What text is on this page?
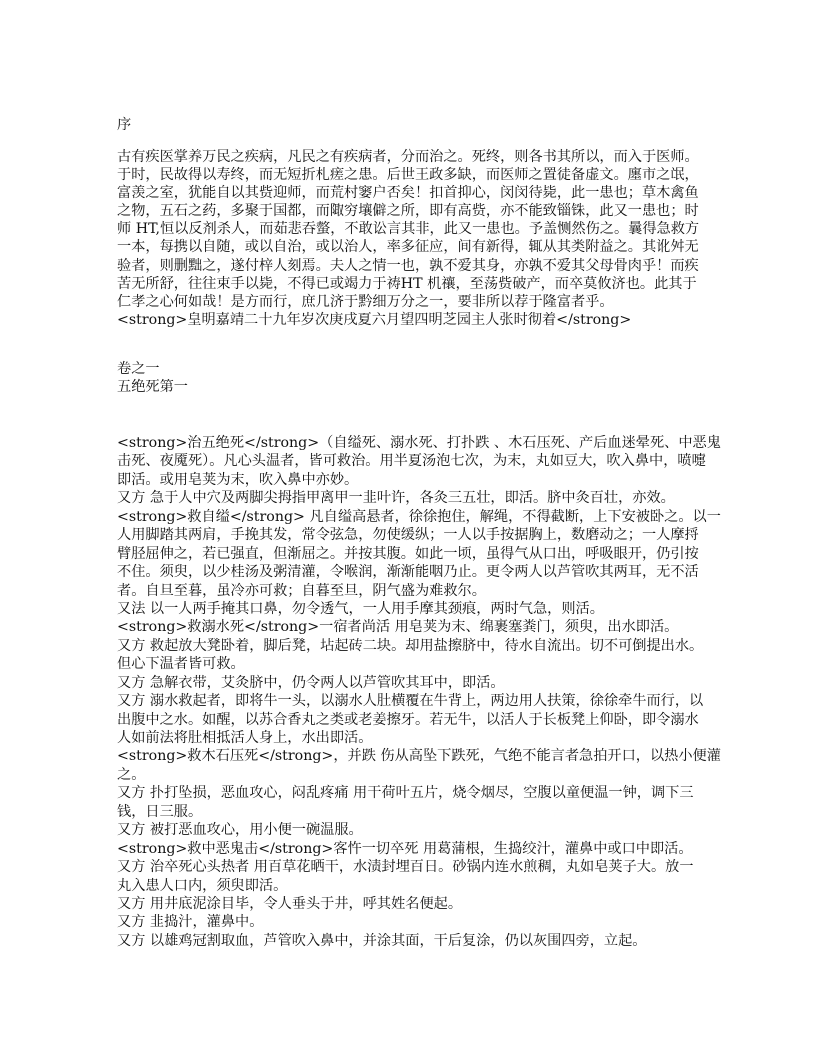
序
古有疾医掌养万民之疾病，凡民之有疾病者，分而治之。死终，则各书其所以，而入于医师。
于时，民故得以寿终，而无短折札瘥之患。后世王政多缺，而医师之置徒备虚文。廛市之氓，
富羡之室，犹能自以其赀迎师，而荒村窭户否矣！扣首抑心，闵闵待毙，此一患也；草木禽鱼
之物，五石之药，多聚于国都，而陬穷壤僻之所，即有高赀，亦不能致锱铢，此又一患也；时
师 HT,恒以反剂杀人，而茹悲吞螫，不敢讼言其非，此又一患也。予盖恻然伤之。曩得急救方
一本，每携以自随，或以自治，或以治人，率多征应，间有新得，辄从其类附益之。其讹舛无
验者，则删黜之，遂付梓人刻焉。夫人之情一也，孰不爱其身，亦孰不爱其父母骨肉乎！而疾
苦无所舒，往往束手以毙，不得已或竭力于祷HT 机禳，至荡赀破产，而卒莫攸济也。此其于
仁孝之心何如哉！是方而行，庶几济于黔细万分之一，要非所以荐于隆富者乎。
<strong>皇明嘉靖二十九年岁次庚戌夏六月望四明芝园主人张时彻着</strong>
卷之一
五绝死第一
<strong>治五绝死</strong>（自缢死、溺水死、打扑跌 、木石压死、产后血迷晕死、中恶鬼
击死、夜魇死）。凡心头温者，皆可救治。用半夏汤泡七次，为末，丸如豆大，吹入鼻中，喷嚏
即活。或用皂荚为末，吹入鼻中亦妙。
又方 急于人中穴及两脚尖拇指甲离甲一韭叶许，各灸三五壮，即活。脐中灸百壮，亦效。
<strong>救自缢</strong> 凡自缢高悬者，徐徐抱住，解绳，不得截断，上下安被卧之。以一
人用脚踏其两肩，手挽其发，常令弦急，勿使缓纵；一人以手按据胸上，数磨动之；一人摩捋
臂胫屈伸之，若已强直，但渐屈之。并按其腹。如此一顷，虽得气从口出，呼吸眼开，仍引按
不住。须臾，以少桂汤及粥清灌，令喉润，渐渐能咽乃止。更令两人以芦管吹其两耳，无不活
者。自旦至暮，虽冷亦可救；自暮至旦，阴气盛为难救尔。
又法 以一人两手掩其口鼻，勿令透气，一人用手摩其颈痕，两时气急，则活。
<strong>救溺水死</strong>一宿者尚活 用皂荚为末、绵裹塞粪门，须臾，出水即活。
又方 救起放大凳卧着，脚后凳，坫起砖二块。却用盐擦脐中，待水自流出。切不可倒提出水。
但心下温者皆可救。
又方 急解衣带，艾灸脐中，仍令两人以芦管吹其耳中，即活。
又方 溺水救起者，即将牛一头，以溺水人肚横覆在牛背上，两边用人扶策，徐徐牵牛而行，以
出腹中之水。如醒，以苏合香丸之类或老姜擦牙。若无牛，以活人于长板凳上仰卧，即令溺水
人如前法将肚相抵活人身上，水出即活。
<strong>救木石压死</strong>，并跌 伤从高坠下跌死，气绝不能言者急拍开口，以热小便灌
之。
又方 扑打坠损，恶血攻心，闷乱疼痛 用干荷叶五片，烧令烟尽，空腹以童便温一钟，调下三
钱，日三服。
又方 被打恶血攻心，用小便一碗温服。
<strong>救中恶鬼击</strong>客忤一切卒死 用葛蒲根，生捣绞汁，灌鼻中或口中即活。
又方 治卒死心头热者 用百草花晒干，水渍封埋百日。砂锅内连水煎稠，丸如皂荚子大。放一
丸入患人口内，须臾即活。
又方 用井底泥涂目毕，令人垂头于井，呼其姓名便起。
又方 韭捣汁，灌鼻中。
又方 以雄鸡冠割取血，芦管吹入鼻中，并涂其面，干后复涂，仍以灰围四旁，立起。
